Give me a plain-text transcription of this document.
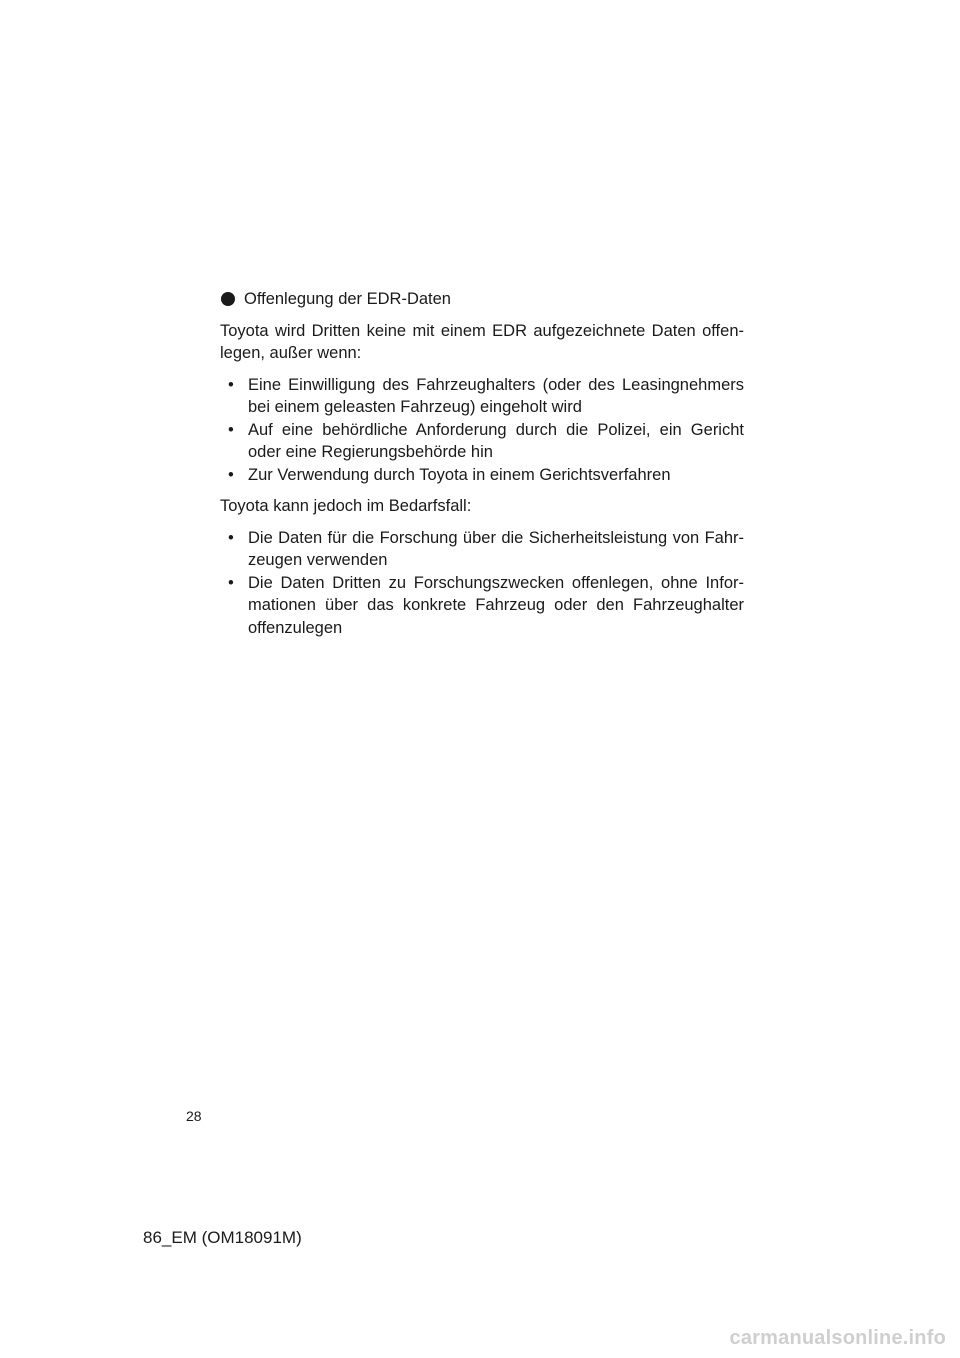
Offenlegung der EDR-Daten

Toyota wird Dritten keine mit einem EDR aufgezeichnete Daten offen-legen, außer wenn:

• Eine Einwilligung des Fahrzeughalters (oder des Leasingnehmers bei einem geleasten Fahrzeug) eingeholt wird
• Auf eine behördliche Anforderung durch die Polizei, ein Gericht oder eine Regierungsbehörde hin
• Zur Verwendung durch Toyota in einem Gerichtsverfahren

Toyota kann jedoch im Bedarfsfall:

• Die Daten für die Forschung über die Sicherheitsleistung von Fahr-zeugen verwenden
• Die Daten Dritten zu Forschungszwecken offenlegen, ohne Infor-mationen über das konkrete Fahrzeug oder den Fahrzeughalter offenzulegen
28
86_EM (OM18091M)
carmanualsonline.info
